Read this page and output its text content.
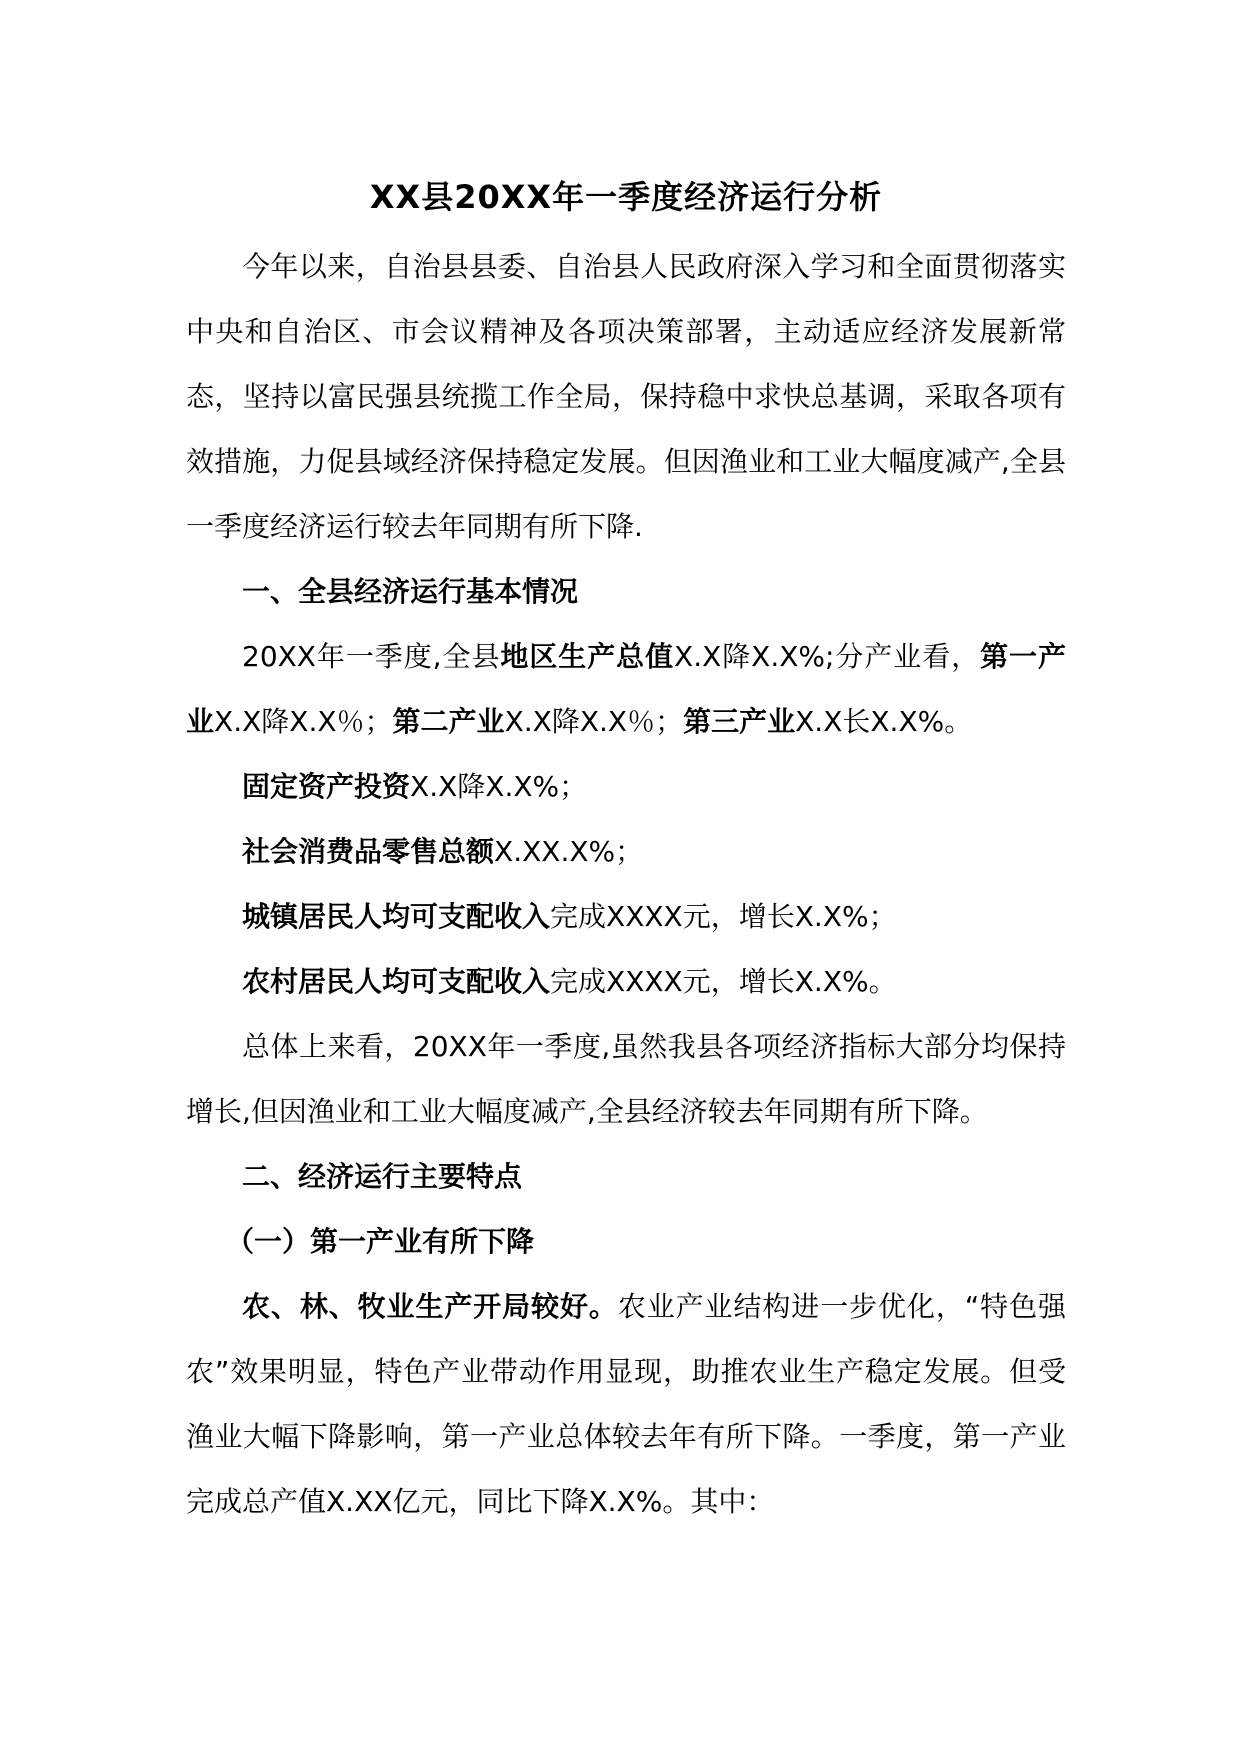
XX县20XX年一季度经济运行分析

今年以来，自治县县委、自治县人民政府深入学习和全面贯彻落实中央和自治区、市会议精神及各项决策部署，主动适应经济发展新常态，坚持以富民强县统揽工作全局，保持稳中求快总基调，采取各项有效措施，力促县域经济保持稳定发展。但因渔业和工业大幅度减产,全县一季度经济运行较去年同期有所下降.

一、全县经济运行基本情况

20XX年一季度,全县地区生产总值X.X降X.X%;分产业看，第一产业X.X降X.X％；第二产业X.X降X.X％；第三产业X.X长X.X%。

固定资产投资X.X降X.X%；

社会消费品零售总额X.XX.X%；

城镇居民人均可支配收入完成XXXX元，增长X.X%；

农村居民人均可支配收入完成XXXX元，增长X.X%。

总体上来看，20XX年一季度,虽然我县各项经济指标大部分均保持增长,但因渔业和工业大幅度减产,全县经济较去年同期有所下降。

二、经济运行主要特点

（一）第一产业有所下降

农、林、牧业生产开局较好。农业产业结构进一步优化，“特色强农”效果明显，特色产业带动作用显现，助推农业生产稳定发展。但受渔业大幅下降影响，第一产业总体较去年有所下降。一季度，第一产业完成总产值X.XX亿元，同比下降X.X%。其中：
